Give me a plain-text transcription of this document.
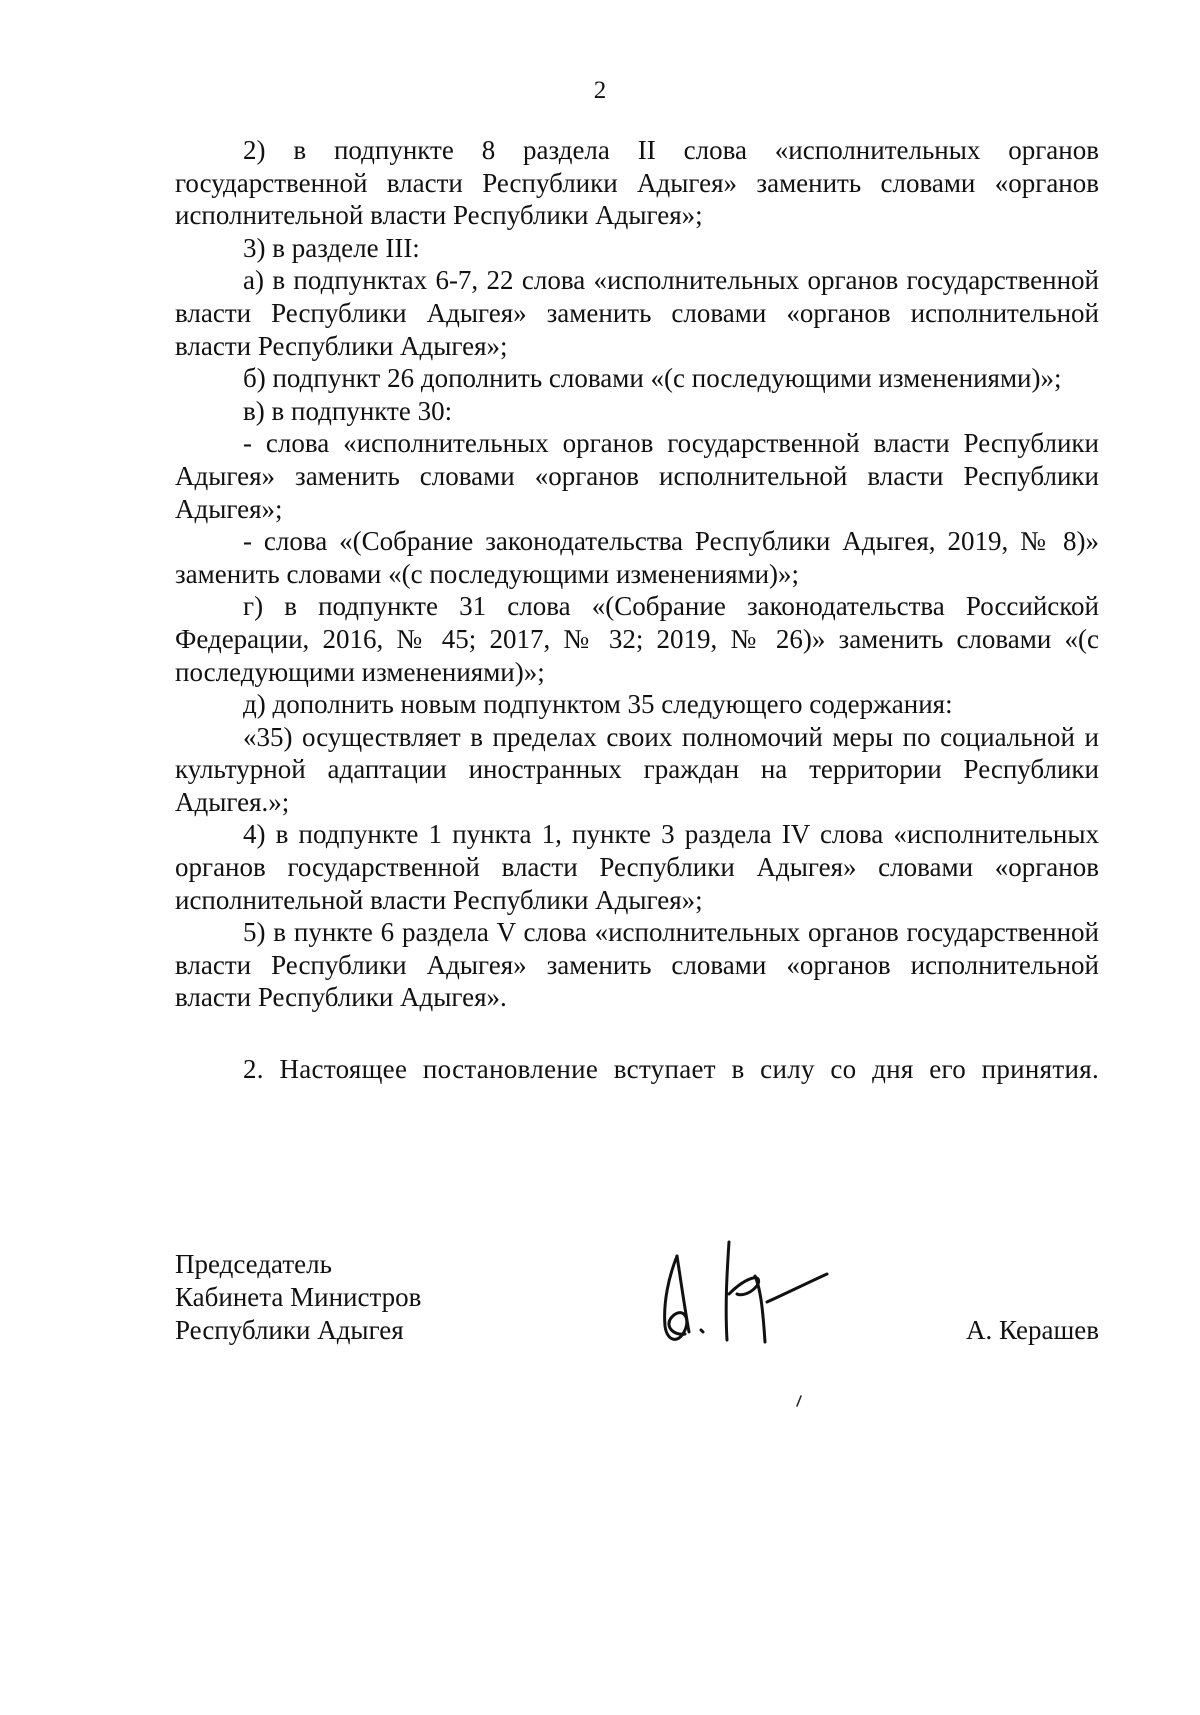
2

2) в подпункте 8 раздела II слова «исполнительных органов государственной власти Республики Адыгея» заменить словами «органов исполнительной власти Республики Адыгея»;

3) в разделе III:

а) в подпунктах 6-7, 22 слова «исполнительных органов государственной власти Республики Адыгея» заменить словами «органов исполнительной власти Республики Адыгея»;

б) подпункт 26 дополнить словами «(с последующими изменениями)»;

в) в подпункте 30:

- слова «исполнительных органов государственной власти Республики Адыгея» заменить словами «органов исполнительной власти Республики Адыгея»;

- слова «(Собрание законодательства Республики Адыгея, 2019, № 8)» заменить словами «(с последующими изменениями)»;

г) в подпункте 31 слова «(Собрание законодательства Российской Федерации, 2016, № 45; 2017, № 32; 2019, № 26)» заменить словами «(с последующими изменениями)»;

д) дополнить новым подпунктом 35 следующего содержания:

«35) осуществляет в пределах своих полномочий меры по социальной и культурной адаптации иностранных граждан на территории Республики Адыгея.»;

4) в подпункте 1 пункта 1, пункте 3 раздела IV слова «исполнительных органов государственной власти Республики Адыгея» словами «органов исполнительной власти Республики Адыгея»;

5) в пункте 6 раздела V слова «исполнительных органов государственной власти Республики Адыгея» заменить словами «органов исполнительной власти Республики Адыгея».

2. Настоящее постановление вступает в силу со дня его принятия.

Председатель
Кабинета Министров
Республики Адыгея	А. Керашев
